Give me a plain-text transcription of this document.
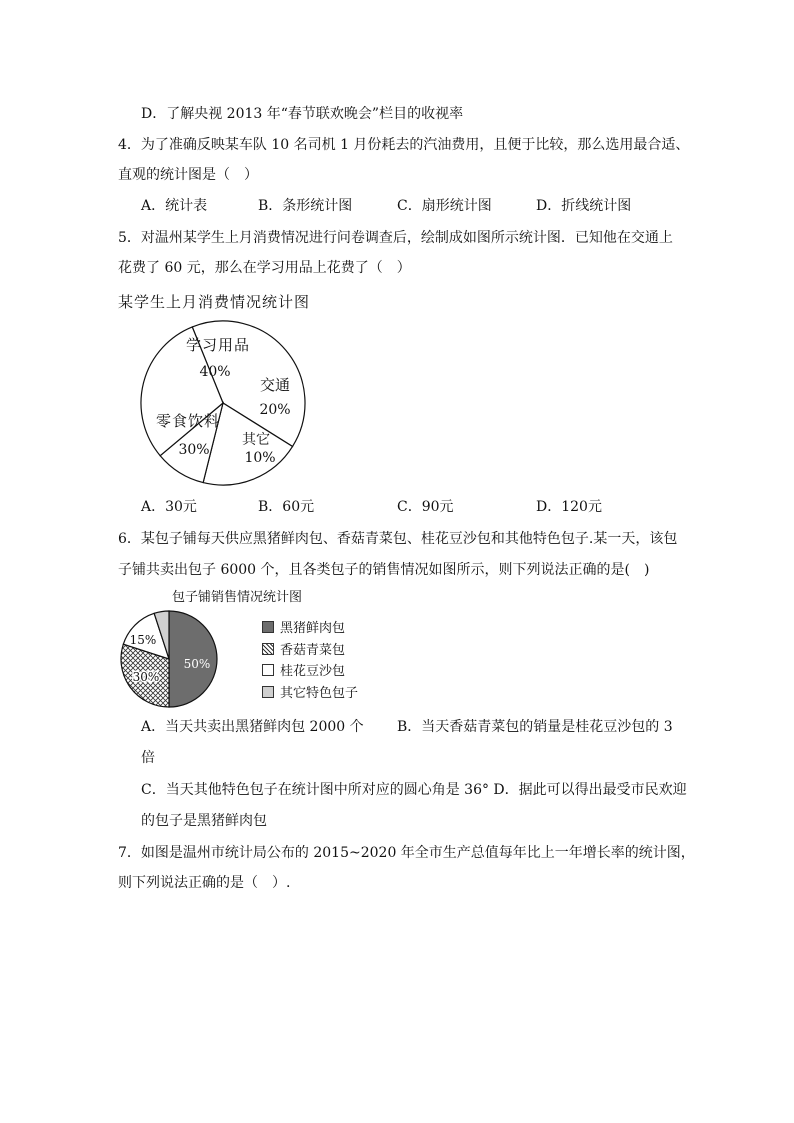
D．了解央视 2013 年“春节联欢晚会”栏目的收视率
4．为了准确反映某车队 10 名司机 1 月份耗去的汽油费用，且便于比较，那么选用最合适、
直观的统计图是（　）
A．统计表	B．条形统计图	C．扇形统计图	D．折线统计图
5．对温州某学生上月消费情况进行问卷调查后，绘制成如图所示统计图．已知他在交通上
花费了 60 元，那么在学习用品上花费了（　）
某学生上月消费情况统计图
学习用品
40%
交通
20%
其它
10%
零食饮料
30%
A．30元	B．60元	C．90元	D．120元
6．某包子铺每天供应黑猪鲜肉包、香菇青菜包、桂花豆沙包和其他特色包子.某一天，该包
子铺共卖出包子 6000 个，且各类包子的销售情况如图所示，则下列说法正确的是(　)
包子铺销售情况统计图
50%
30%
15%
黑猪鲜肉包
香菇青菜包
桂花豆沙包
其它特色包子
A．当天共卖出黑猪鲜肉包 2000 个 B．当天香菇青菜包的销量是桂花豆沙包的 3
倍
C．当天其他特色包子在统计图中所对应的圆心角是 36° D．据此可以得出最受市民欢迎
的包子是黑猪鲜肉包
7．如图是温州市统计局公布的 2015~2020 年全市生产总值每年比上一年增长率的统计图，
则下列说法正确的是（　）.
